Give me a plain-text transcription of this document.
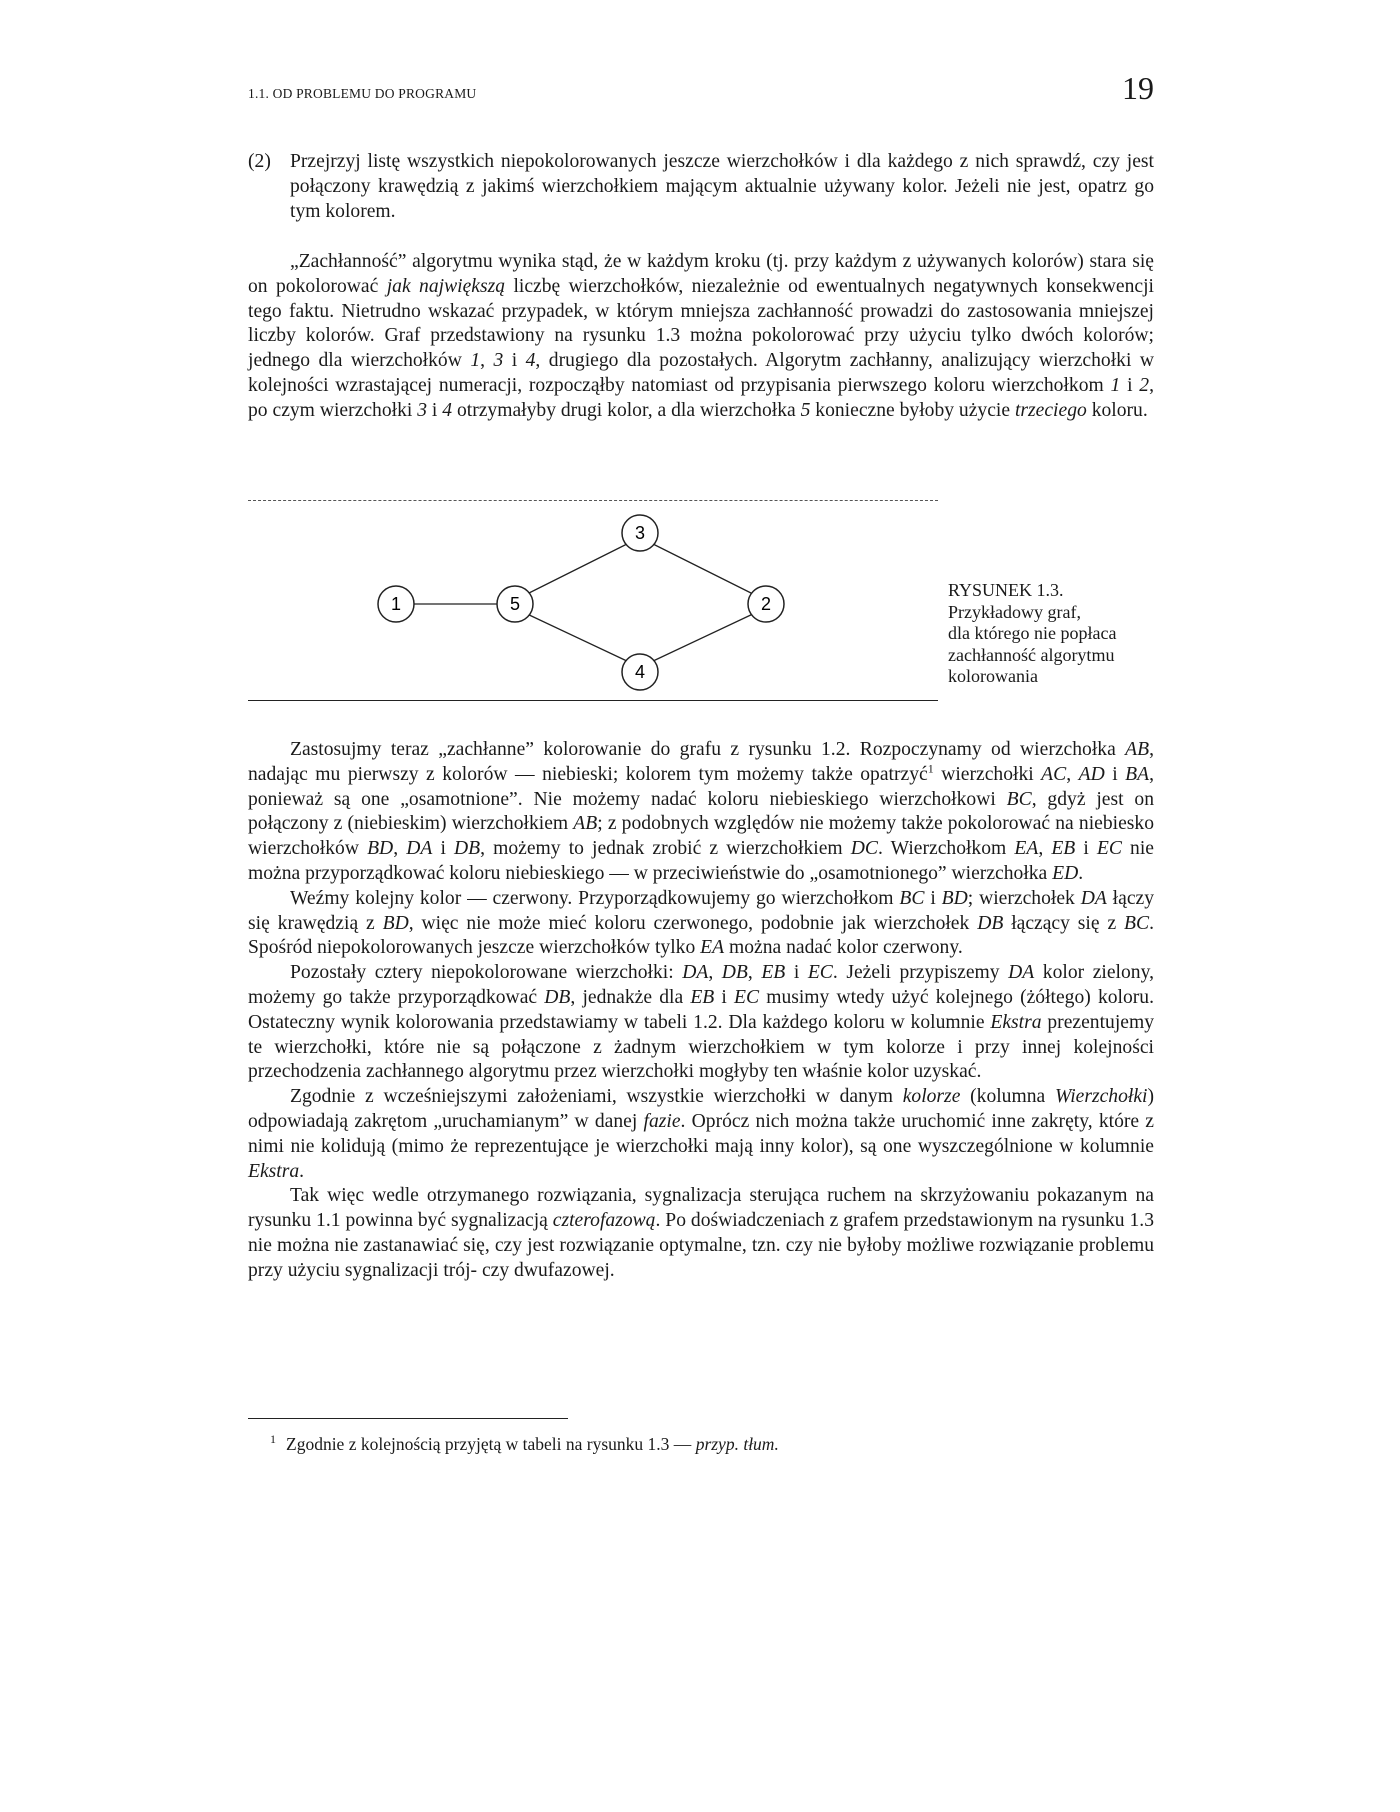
1.1. OD PROBLEMU DO PROGRAMU	19
(2) Przejrzyj listę wszystkich niepokolorowanych jeszcze wierzchołków i dla każdego z nich sprawdź, czy jest połączony krawędzią z jakimś wierzchołkiem mającym aktualnie używany kolor. Jeżeli nie jest, opatrz go tym kolorem.

„Zachłanność” algorytmu wynika stąd, że w każdym kroku (tj. przy każdym z używanych kolorów) stara się on pokolorować jak największą liczbę wierzchołków, niezależnie od ewentualnych negatywnych konsekwencji tego faktu. Nietrudno wskazać przypadek, w którym mniejsza zachłanność prowadzi do zastosowania mniejszej liczby kolorów. Graf przedstawiony na rysunku 1.3 można pokolorować przy użyciu tylko dwóch kolorów; jednego dla wierzchołków 1, 3 i 4, drugiego dla pozostałych. Algorytm zachłanny, analizujący wierzchołki w kolejności wzrastającej numeracji, rozpocząłby natomiast od przypisania pierwszego koloru wierzchołkom 1 i 2, po czym wierzchołki 3 i 4 otrzymałyby drugi kolor, a dla wierzchołka 5 konieczne byłoby użycie trzeciego koloru.

1	5
3
4
2
RYSUNEK 1.3.
Przykładowy graf,
dla którego nie popłaca
zachłanność algorytmu
kolorowania

Zastosujmy teraz „zachłanne” kolorowanie do grafu z rysunku 1.2. Rozpoczynamy od wierzchołka AB, nadając mu pierwszy z kolorów — niebieski; kolorem tym możemy także opatrzyć$^1$ wierzchołki AC, AD i BA, ponieważ są one „osamotnione”. Nie możemy nadać koloru niebieskiego wierzchołkowi BC, gdyż jest on połączony z (niebieskim) wierzchołkiem AB; z podobnych względów nie możemy także pokolorować na niebiesko wierzchołków BD, DA i DB, możemy to jednak zrobić z wierzchołkiem DC. Wierzchołkom EA, EB i EC nie można przyporządkować koloru niebieskiego — w przeciwieństwie do „osamotnionego” wierzchołka ED.

Weźmy kolejny kolor — czerwony. Przyporządkowujemy go wierzchołkom BC i BD; wierzchołek DA łączy się krawędzią z BD, więc nie może mieć koloru czerwonego, podobnie jak wierzchołek DB łączący się z BC. Spośród niepokolorowanych jeszcze wierzchołków tylko EA można nadać kolor czerwony.

Pozostały cztery niepokolorowane wierzchołki: DA, DB, EB i EC. Jeżeli przypiszemy DA kolor zielony, możemy go także przyporządkować DB, jednakże dla EB i EC musimy wtedy użyć kolejnego (żółtego) koloru. Ostateczny wynik kolorowania przedstawiamy w tabeli 1.2. Dla każdego koloru w kolumnie Ekstra prezentujemy te wierzchołki, które nie są połączone z żadnym wierzchołkiem w tym kolorze i przy innej kolejności przechodzenia zachłannego algorytmu przez wierzchołki mogłyby ten właśnie kolor uzyskać.

Zgodnie z wcześniejszymi założeniami, wszystkie wierzchołki w danym kolorze (kolumna Wierzchołki) odpowiadają zakrętom „uruchamianym” w danej fazie. Oprócz nich można także uruchomić inne zakręty, które z nimi nie kolidują (mimo że reprezentujące je wierzchołki mają inny kolor), są one wyszczególnione w kolumnie Ekstra.

Tak więc wedle otrzymanego rozwiązania, sygnalizacja sterująca ruchem na skrzyżowaniu pokazanym na rysunku 1.1 powinna być sygnalizacją czterofazową. Po doświadczeniach z grafem przedstawionym na rysunku 1.3 nie można nie zastanawiać się, czy jest rozwiązanie optymalne, tzn. czy nie byłoby możliwe rozwiązanie problemu przy użyciu sygnalizacji trój- czy dwufazowej.

$^1$ Zgodnie z kolejnością przyjętą w tabeli na rysunku 1.3 — przyp. tłum.
